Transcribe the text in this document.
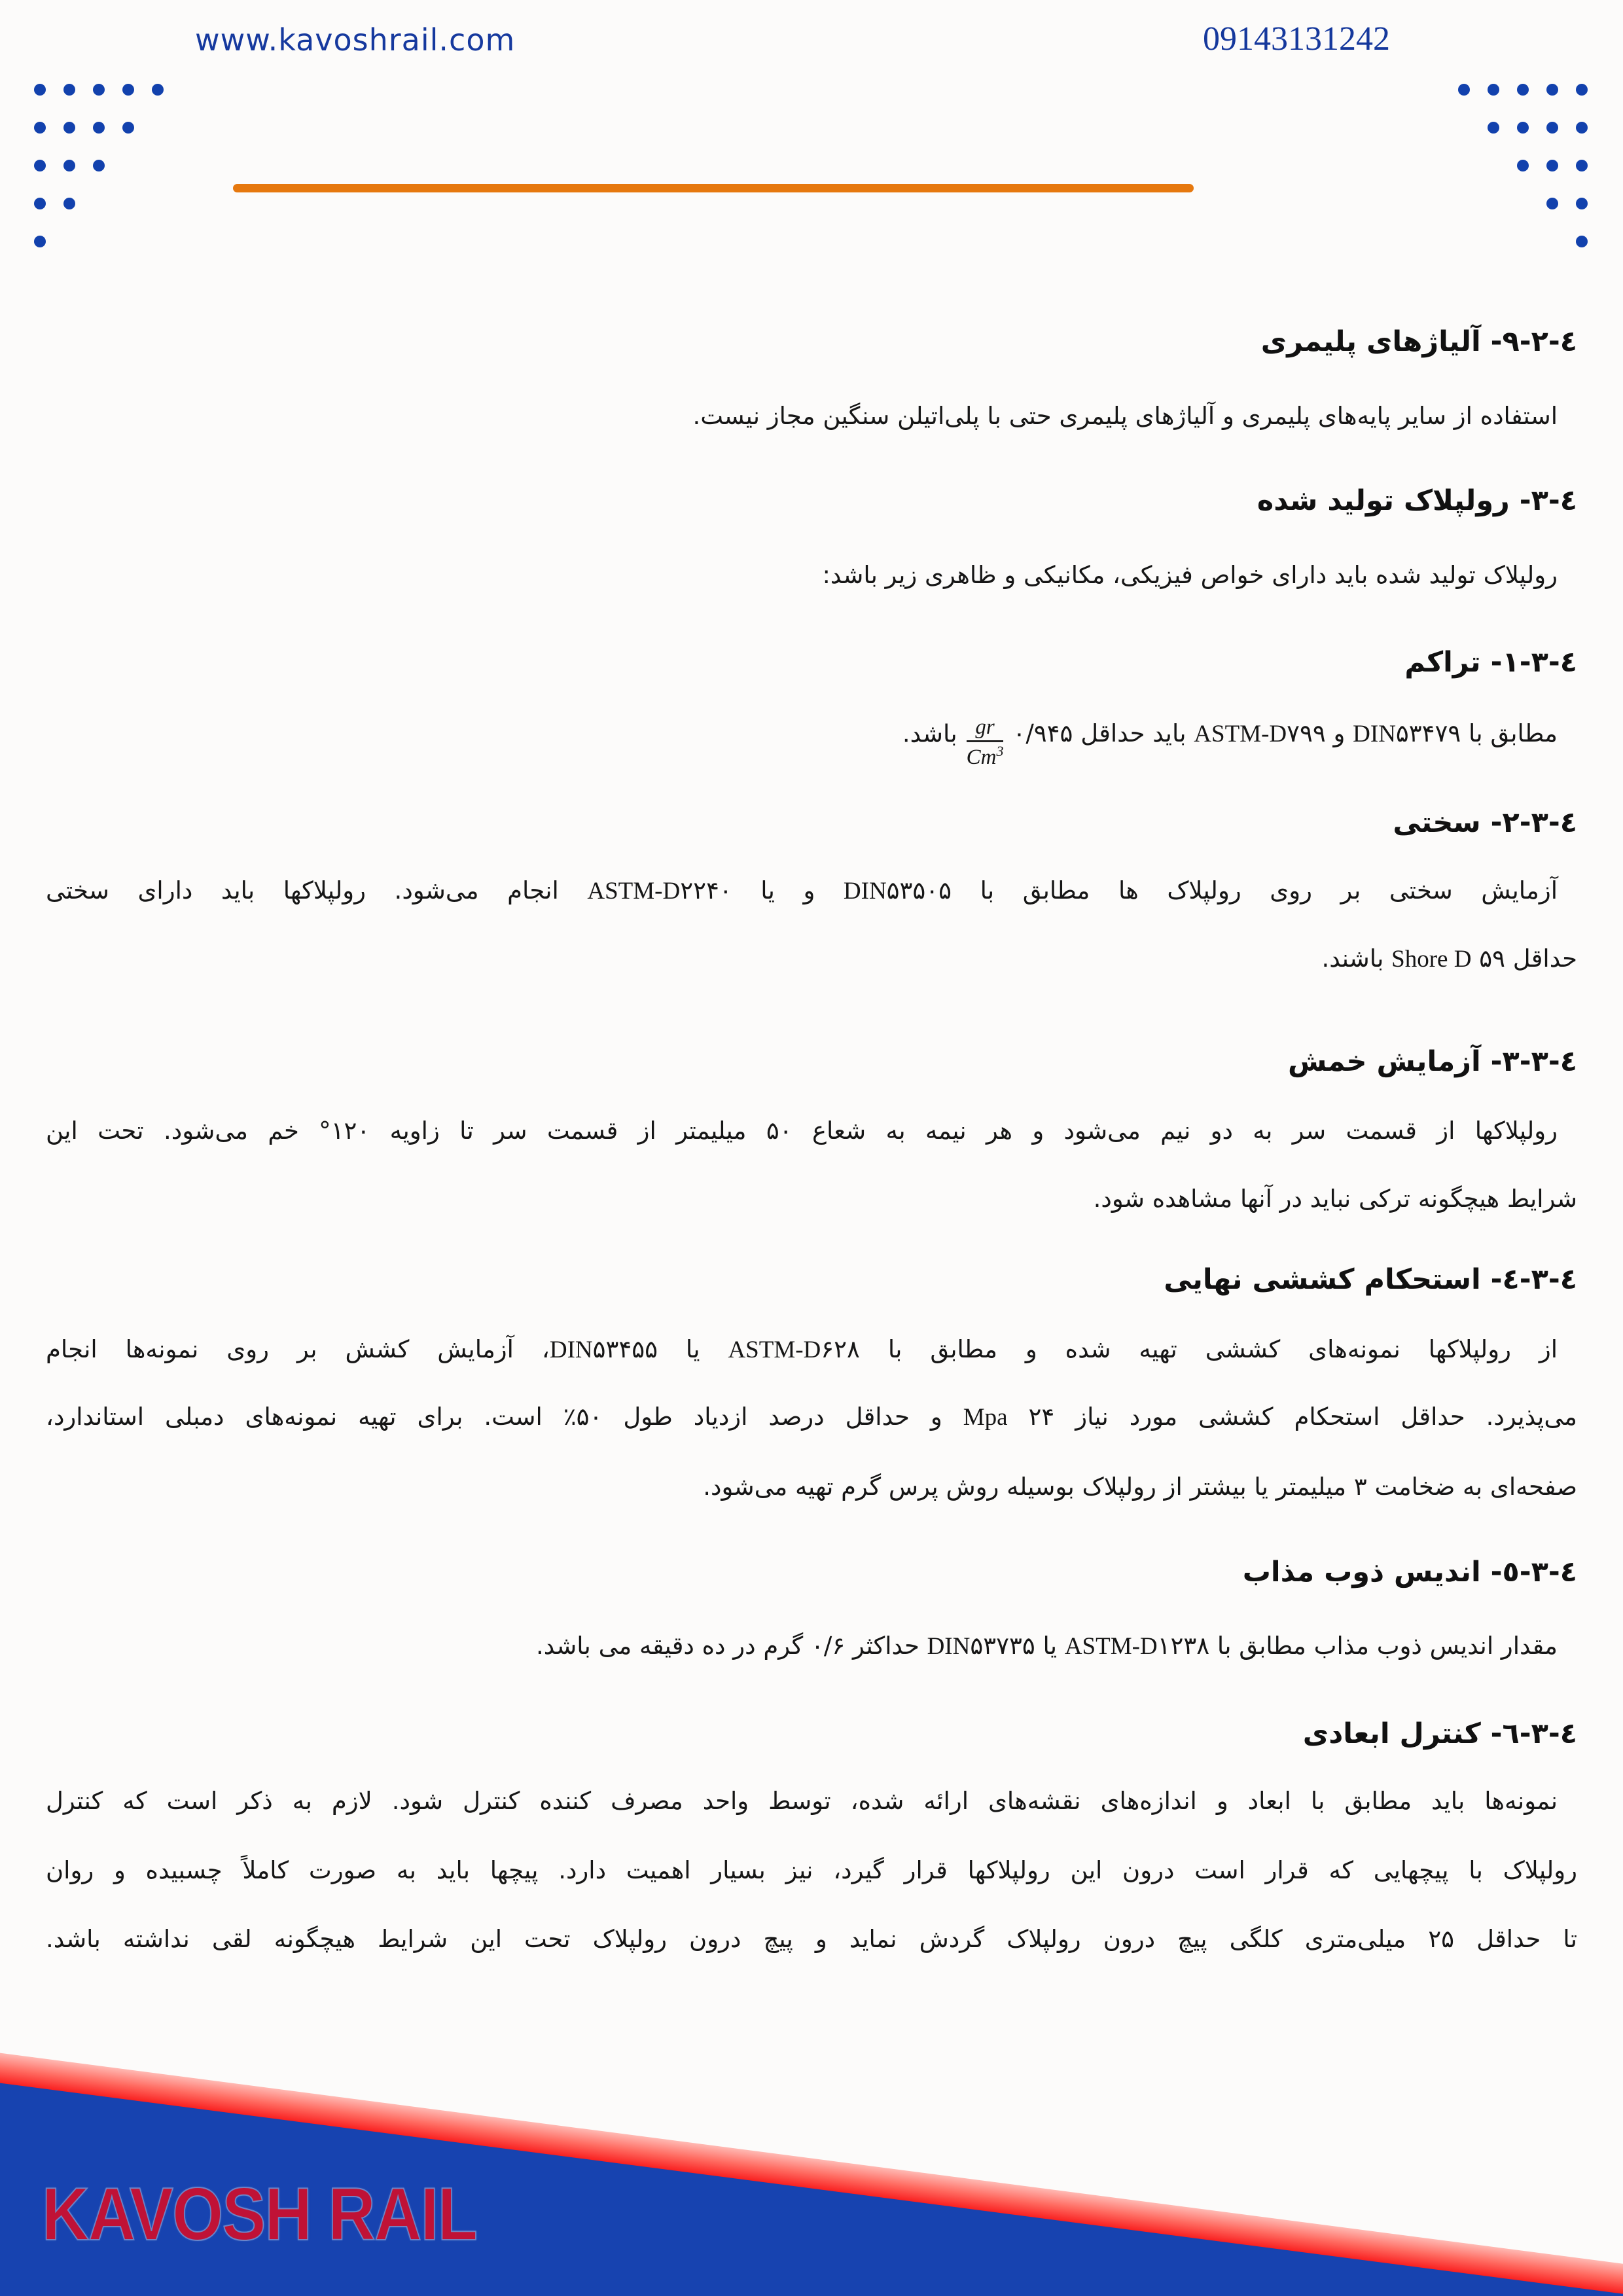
www.kavoshrail.com	09143131242
٤-٢-٩- آلیاژهای پلیمری
استفاده از سایر پایه‌های پلیمری و آلیاژهای پلیمری حتی با پلی‌اتیلن سنگین مجاز نیست.
٤-٣- رولپلاک تولید شده
رولپلاک تولید شده باید دارای خواص فیزیکی، مکانیکی و ظاهری زیر باشد:
٤-٣-١- تراکم
مطابق با DIN۵۳۴۷۹ و ASTM-D۷۹۹ باید حداقل ۰/۹۴۵
$\frac{gr}{Cm^3}$
باشد.
٤-٣-٢- سختی
آزمایش سختی بر روی رولپلاک ها مطابق با DIN۵۳۵۰۵ و یا ASTM-D۲۲۴۰ انجام می‌شود. رولپلاکها باید دارای سختی
حداقل ۵۹ Shore D باشند.
٤-٣-٣- آزمایش خمش
رولپلاکها از قسمت سر به دو نیم می‌شود و هر نیمه به شعاع ۵۰ میلیمتر از قسمت سر تا زاویه ۱۲۰° خم می‌شود. تحت این
شرایط هیچگونه ترکی نباید در آنها مشاهده شود.
٤-٣-٤- استحکام کششی نهایی
از رولپلاکها نمونه‌های کششی تهیه شده و مطابق با ASTM-D۶۲۸ یا DIN۵۳۴۵۵، آزمایش کشش بر روی نمونه‌ها انجام
می‌پذیرد. حداقل استحکام کششی مورد نیاز ۲۴ Mpa و حداقل درصد ازدیاد طول ۵۰٪ است. برای تهیه نمونه‌های دمبلی استاندارد،
صفحه‌ای به ضخامت ۳ میلیمتر یا بیشتر از رولپلاک بوسیله روش پرس گرم تهیه می‌شود.
٤-٣-٥- اندیس ذوب مذاب
مقدار اندیس ذوب مذاب مطابق با ASTM-D۱۲۳۸ یا DIN۵۳۷۳۵ حداکثر ۰/۶ گرم در ده دقیقه می باشد.
٤-٣-٦- کنترل ابعادی
نمونه‌ها باید مطابق با ابعاد و اندازه‌های نقشه‌های ارائه شده، توسط واحد مصرف کننده کنترل شود. لازم به ذکر است که کنترل
رولپلاک با پیچهایی که قرار است درون این رولپلاکها قرار گیرد، نیز بسیار اهمیت دارد. پیچها باید به صورت کاملاً چسبیده و روان
تا حداقل ۲۵ میلی‌متری کلگی پیچ درون رولپلاک گردش نماید و پیچ درون رولپلاک تحت این شرایط هیچگونه لقی نداشته باشد.
KAVOSH RAIL
